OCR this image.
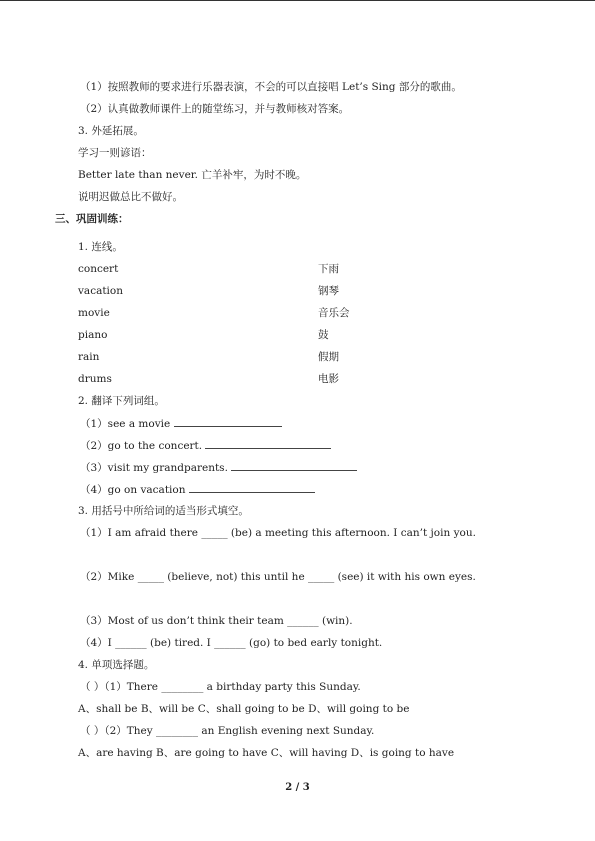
（1）按照教师的要求进行乐器表演，不会的可以直接唱 Let’s Sing 部分的歌曲。
（2）认真做教师课件上的随堂练习，并与教师核对答案。
3. 外延拓展。
学习一则谚语：
Better late than never. 亡羊补牢，为时不晚。
说明迟做总比不做好。
三、巩固训练：
1. 连线。
concert	下雨
vacation	钢琴
movie	音乐会
piano	鼓
rain	假期
drums	电影
2. 翻译下列词组。
（1）see a movie
（2）go to the concert.
（3）visit my grandparents.
（4）go on vacation
3. 用括号中所给词的适当形式填空。
（1）I am afraid there _____ (be) a meeting this afternoon. I can’t join you.
（2）Mike _____ (believe, not) this until he _____ (see) it with his own eyes.
（3）Most of us don’t think their team ______ (win).
（4）I ______ (be) tired. I ______ (go) to bed early tonight.
4. 单项选择题。
（ ）（1）There ________ a birthday party this Sunday.
A、shall be B、will be C、shall going to be D、will going to be
（ ）（2）They ________ an English evening next Sunday.
A、are having B、are going to have C、will having D、is going to have
2 / 3
